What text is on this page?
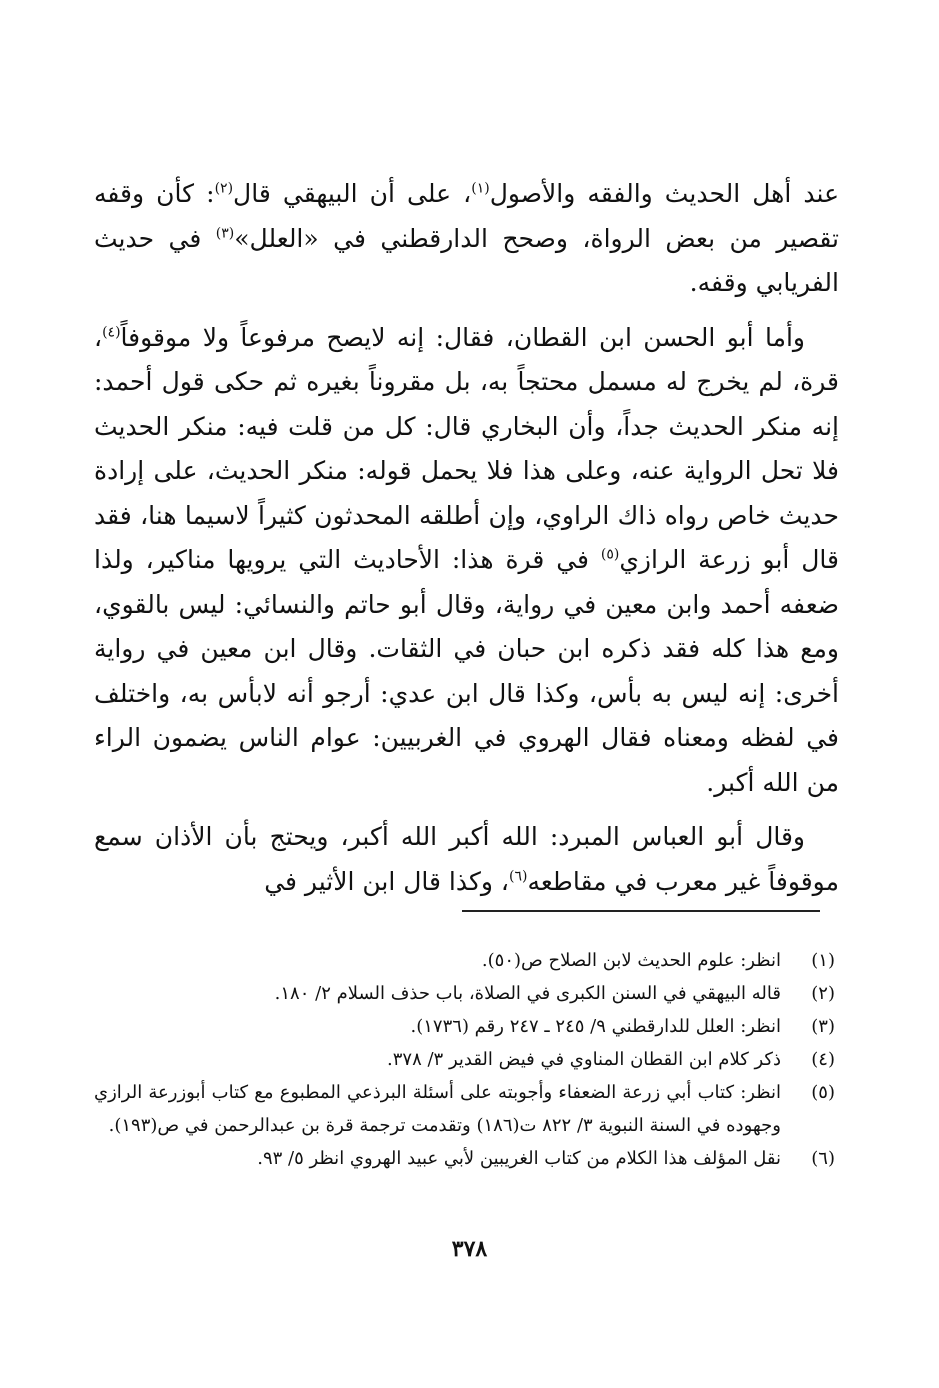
عند أهل الحديث والفقه والأصول$^{(١)}$، على أن البيهقي قال$^{(٢)}$: كأن وقفه تقصير من بعض الرواة، وصحح الدارقطني في «العلل»$^{(٣)}$ في حديث الفريابي وقفه.

وأما أبو الحسن ابن القطان، فقال: إنه لايصح مرفوعاً ولا موقوفاً$^{(٤)}$، قرة، لم يخرج له مسمل محتجاً به، بل مقروناً بغيره ثم حكى قول أحمد: إنه منكر الحديث جداً، وأن البخاري قال: كل من قلت فيه: منكر الحديث فلا تحل الرواية عنه، وعلى هذا فلا يحمل قوله: منكر الحديث، على إرادة حديث خاص رواه ذاك الراوي، وإن أطلقه المحدثون كثيراً لاسيما هنا، فقد قال أبو زرعة الرازي$^{(٥)}$ في قرة هذا: الأحاديث التي يرويها مناكير، ولذا ضعفه أحمد وابن معين في رواية، وقال أبو حاتم والنسائي: ليس بالقوي، ومع هذا كله فقد ذكره ابن حبان في الثقات. وقال ابن معين في رواية أخرى: إنه ليس به بأس، وكذا قال ابن عدي: أرجو أنه لابأس به، واختلف في لفظه ومعناه فقال الهروي في الغربيين: عوام الناس يضمون الراء من الله أكبر.

وقال أبو العباس المبرد: الله أكبر الله أكبر، ويحتج بأن الأذان سمع موقوفاً غير معرب في مقاطعه$^{(٦)}$، وكذا قال ابن الأثير في

(١)
انظر: علوم الحديث لابن الصلاح ص(٥٠).
(٢)
قاله البيهقي في السنن الكبرى في الصلاة، باب حذف السلام ٢/ ١٨٠.
(٣)
انظر: العلل للدارقطني ٩/ ٢٤٥ ـ ٢٤٧ رقم (١٧٣٦).
(٤)
ذكر كلام ابن القطان المناوي في فيض القدير ٣/ ٣٧٨.
(٥)
انظر: كتاب أبي زرعة الضعفاء وأجوبته على أسئلة البرذعي المطبوع مع كتاب أبوزرعة الرازي وجهوده في السنة النبوية ٣/ ٨٢٢ ت(١٨٦) وتقدمت ترجمة قرة بن عبدالرحمن في ص(١٩٣).
(٦)
نقل المؤلف هذا الكلام من كتاب الغريبين لأبي عبيد الهروي انظر ٥/ ٩٣.
٣٧٨
